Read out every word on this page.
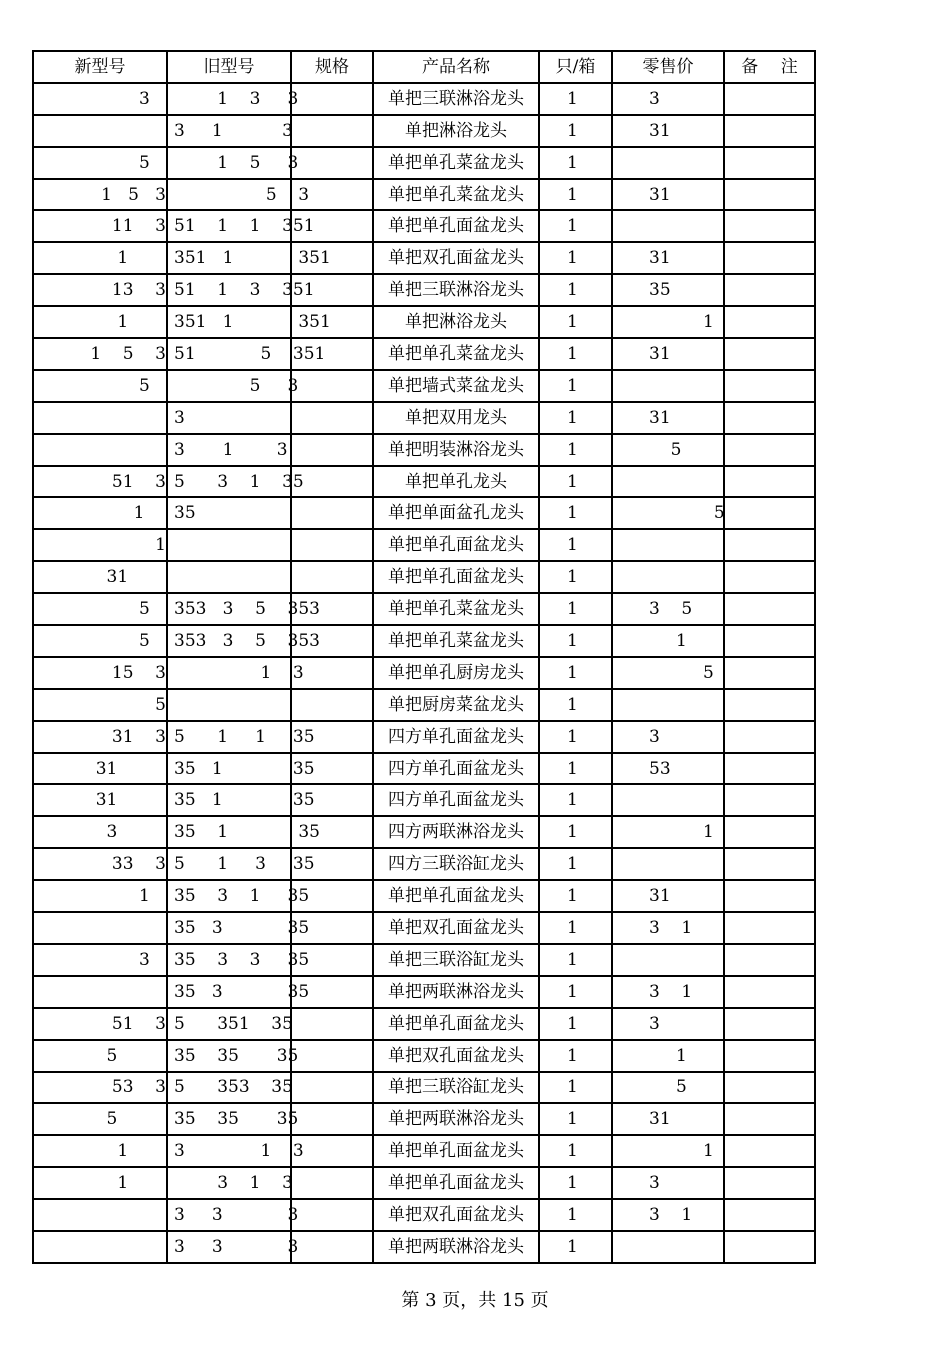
新型号	旧型号	规格	产品名称	只/箱	零售价	备　 注
3	1    3     3		单把三联淋浴龙头	1	3	
	3     1           3		单把淋浴龙头	1	31	
5	1    5     3		单把单孔菜盆龙头	1		
1   5   3	5    3		单把单孔菜盆龙头	1	31	
11    3	51    1    1    351		单把单孔面盆龙头	1		
1	351   1            351		单把双孔面盆龙头	1	31	
13    3	51    1    3    351		单把三联淋浴龙头	1	35	
1	351   1            351		单把淋浴龙头	1	1	
1    5    3	51            5    351		单把单孔菜盆龙头	1	31	
5	5     3		单把墙式菜盆龙头	1		
	3		单把双用龙头	1	31	
	3       1        3		单把明装淋浴龙头	1	5	
51    3	5      3    1    35		单把单孔龙头	1		
1	35		单把单面盆孔龙头	1	5	
1			单把单孔面盆龙头	1		
31			单把单孔面盆龙头	1		
5	353   3    5    353		单把单孔菜盆龙头	1	3    5	
5	353   3    5    353		单把单孔菜盆龙头	1	1	
15    3	1    3		单把单孔厨房龙头	1	5	
5			单把厨房菜盆龙头	1		
31    3	5      1     1     35		四方单孔面盆龙头	1	3	
31	35   1             35		四方单孔面盆龙头	1	53	
31	35   1             35		四方单孔面盆龙头	1		
3	35    1             35		四方两联淋浴龙头	1	1	
33    3	5      1     3     35		四方三联浴缸龙头	1		
1	35    3    1     35		单把单孔面盆龙头	1	31	
	35   3            35		单把双孔面盆龙头	1	3    1	
3	35    3    3     35		单把三联浴缸龙头	1		
	35   3            35		单把两联淋浴龙头	1	3    1	
51    3	5      351    35		单把单孔面盆龙头	1	3	
5	35    35       35		单把双孔面盆龙头	1	1	
53    3	5      353    35		单把三联浴缸龙头	1	5	
5	35    35       35		单把两联淋浴龙头	1	31	
1	3              1    3		单把单孔面盆龙头	1	1	
1	3    1    3		单把单孔面盆龙头	1	3	
	3     3            3		单把双孔面盆龙头	1	3    1	
	3     3            3		单把两联淋浴龙头	1		
第 3 页，共 15 页
